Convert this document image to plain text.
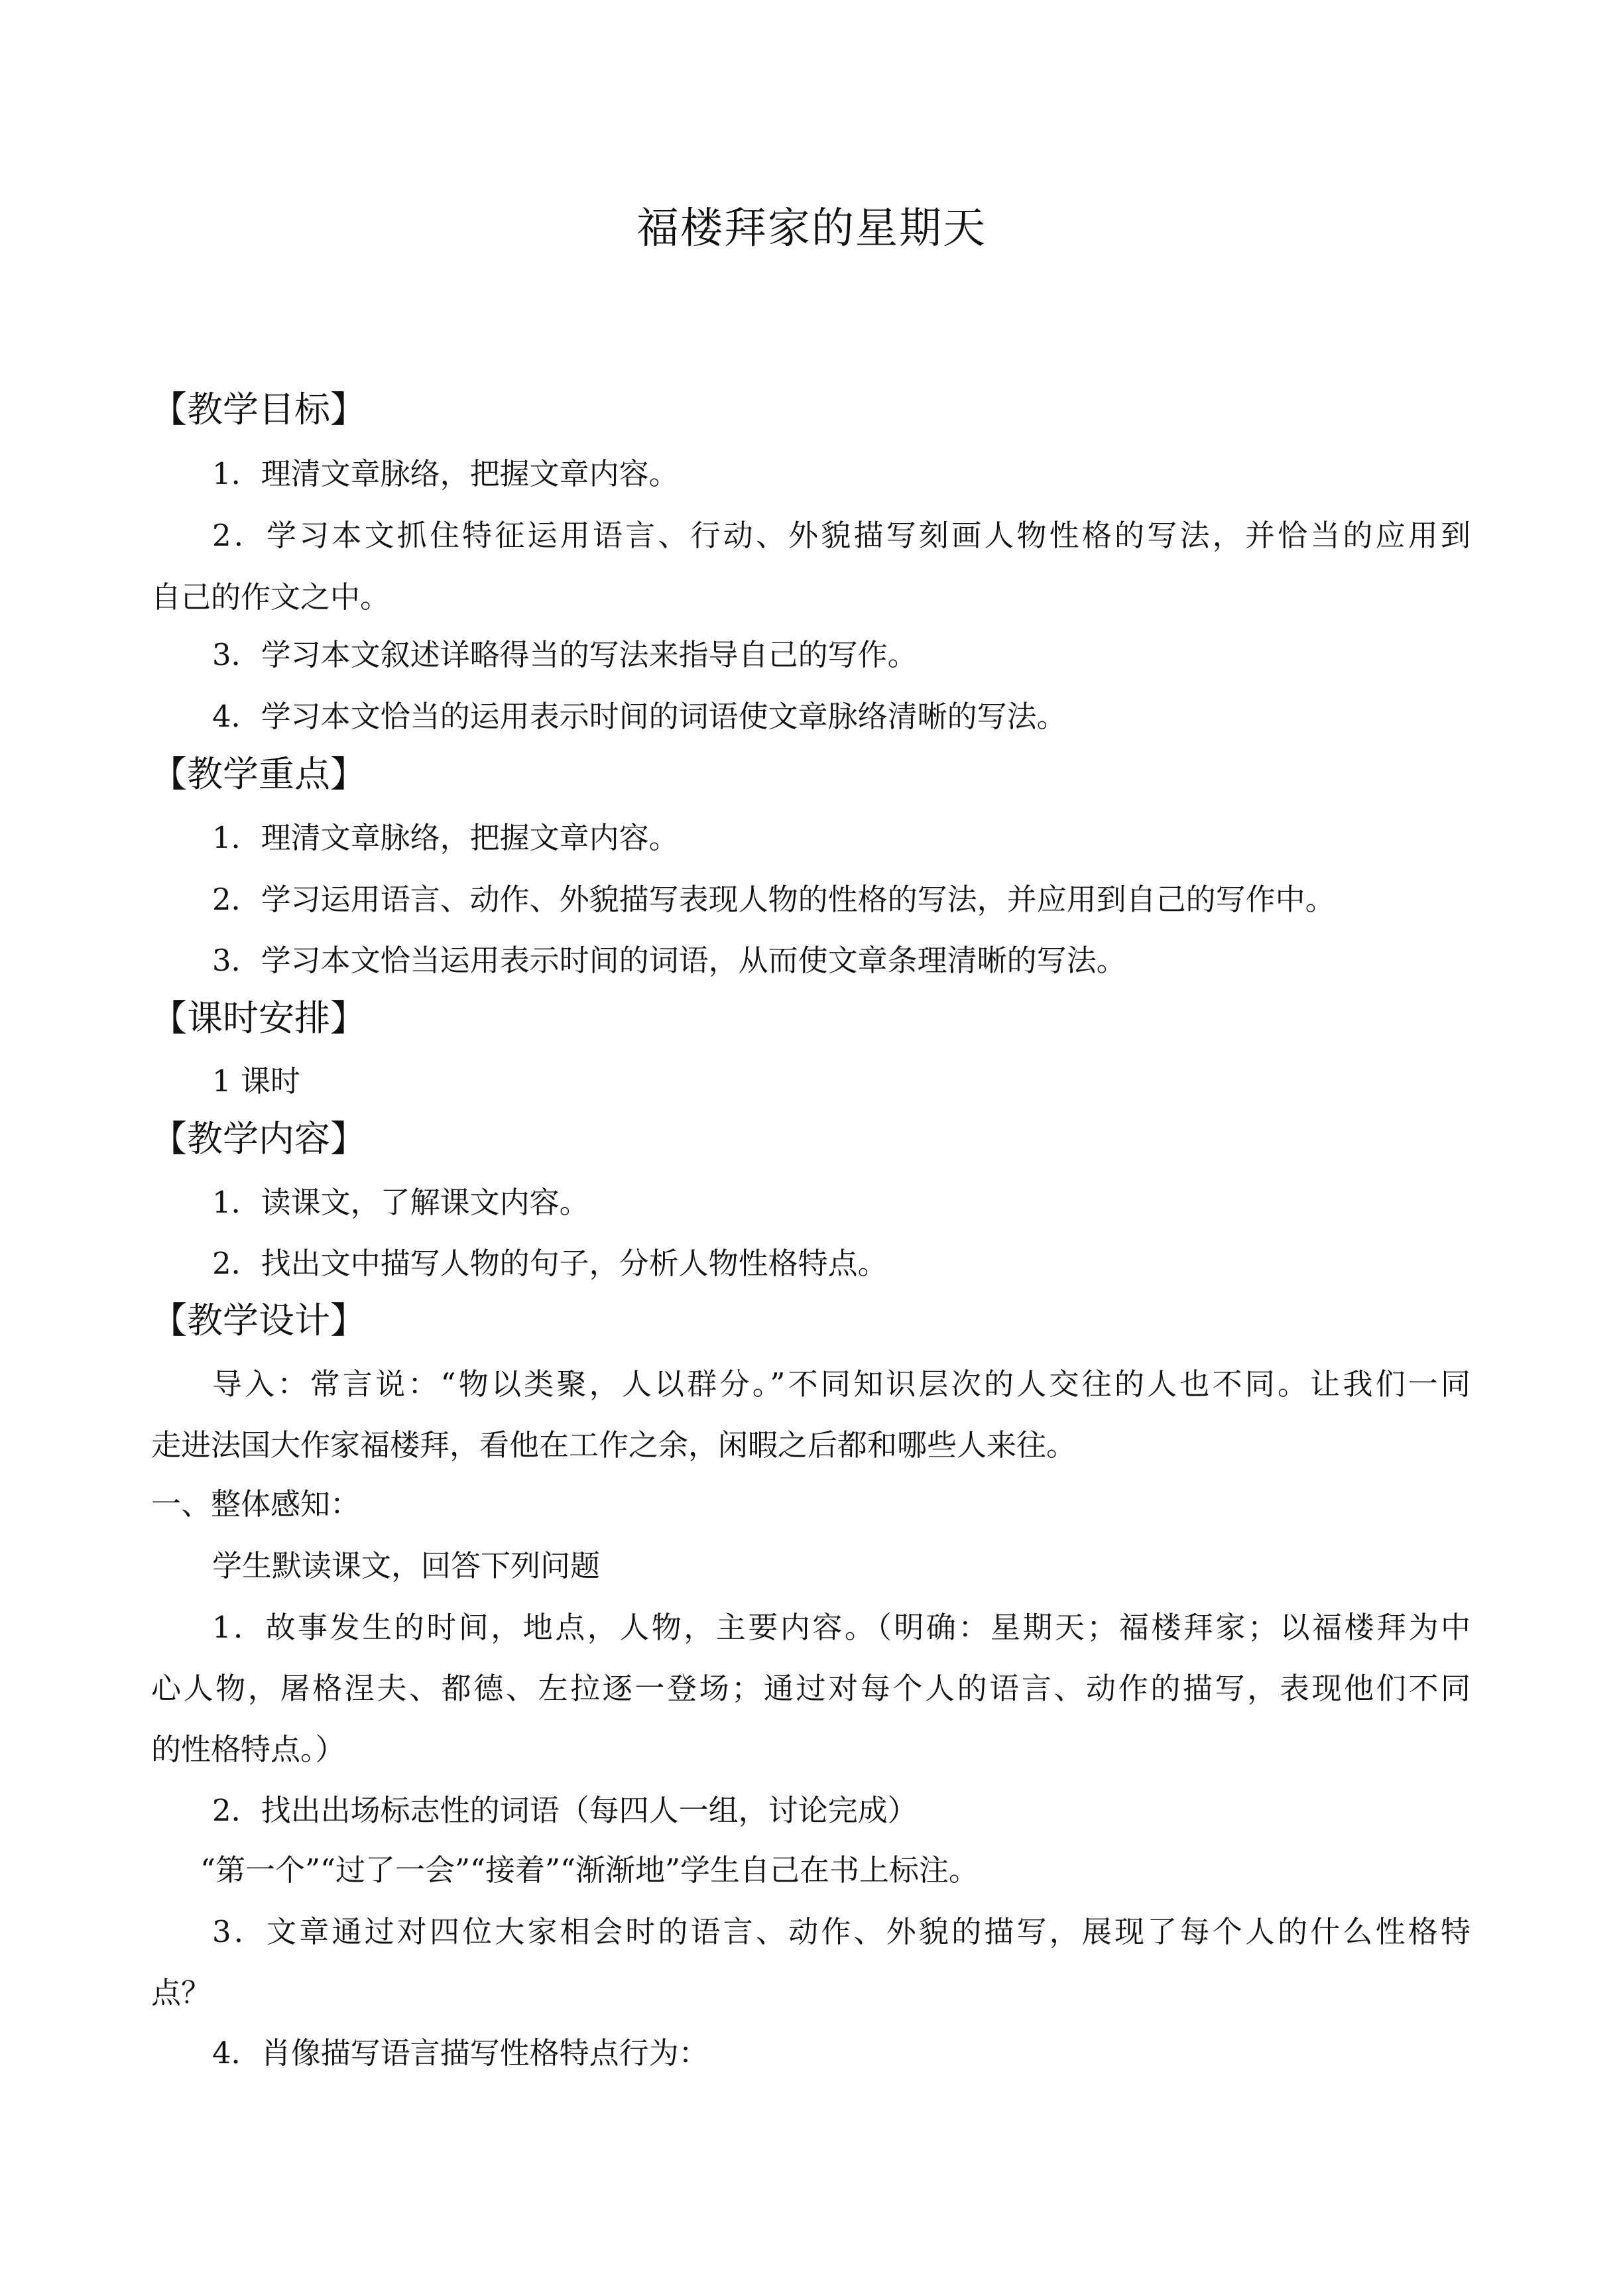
福楼拜家的星期天
【教学目标】
1．理清文章脉络，把握文章内容。
2．学习本文抓住特征运用语言、行动、外貌描写刻画人物性格的写法，并恰当的应用到
自己的作文之中。
3．学习本文叙述详略得当的写法来指导自己的写作。
4．学习本文恰当的运用表示时间的词语使文章脉络清晰的写法。
【教学重点】
1．理清文章脉络，把握文章内容。
2．学习运用语言、动作、外貌描写表现人物的性格的写法，并应用到自己的写作中。
3．学习本文恰当运用表示时间的词语，从而使文章条理清晰的写法。
【课时安排】
1 课时
【教学内容】
1．读课文，了解课文内容。
2．找出文中描写人物的句子，分析人物性格特点。
【教学设计】
导入：常言说：“物以类聚，人以群分。”不同知识层次的人交往的人也不同。让我们一同
走进法国大作家福楼拜，看他在工作之余，闲暇之后都和哪些人来往。
一、整体感知：
学生默读课文，回答下列问题
1．故事发生的时间，地点，人物，主要内容。（明确：星期天；福楼拜家；以福楼拜为中
心人物，屠格涅夫、都德、左拉逐一登场；通过对每个人的语言、动作的描写，表现他们不同
的性格特点。）
2．找出出场标志性的词语（每四人一组，讨论完成）
“第一个”“过了一会”“接着”“渐渐地”学生自己在书上标注。
3．文章通过对四位大家相会时的语言、动作、外貌的描写，展现了每个人的什么性格特
点？
4．肖像描写语言描写性格特点行为：
